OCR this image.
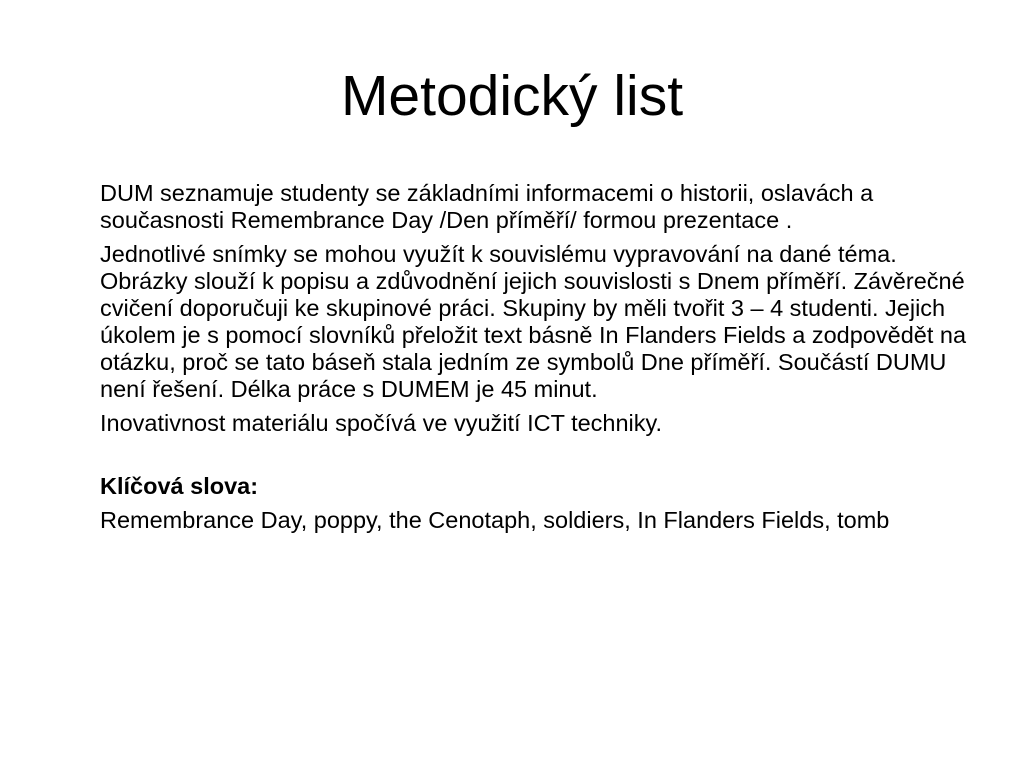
Metodický list

DUM seznamuje studenty se základními informacemi o historii, oslavách a současnosti Remembrance Day /Den příměří/ formou prezentace .

Jednotlivé snímky se mohou využít k souvislému vypravování na dané téma. Obrázky slouží k popisu a zdůvodnění jejich souvislosti s Dnem příměří. Závěrečné cvičení doporučuji ke skupinové práci. Skupiny by měli tvořit 3 – 4 studenti. Jejich úkolem je s pomocí slovníků přeložit text básně In Flanders Fields a zodpovědět na otázku, proč se tato báseň stala jedním ze symbolů Dne příměří. Součástí DUMU není řešení. Délka práce s DUMEM je 45 minut.

Inovativnost materiálu spočívá ve využití ICT techniky.

Klíčová slova:

Remembrance Day, poppy, the Cenotaph, soldiers, In Flanders Fields, tomb
